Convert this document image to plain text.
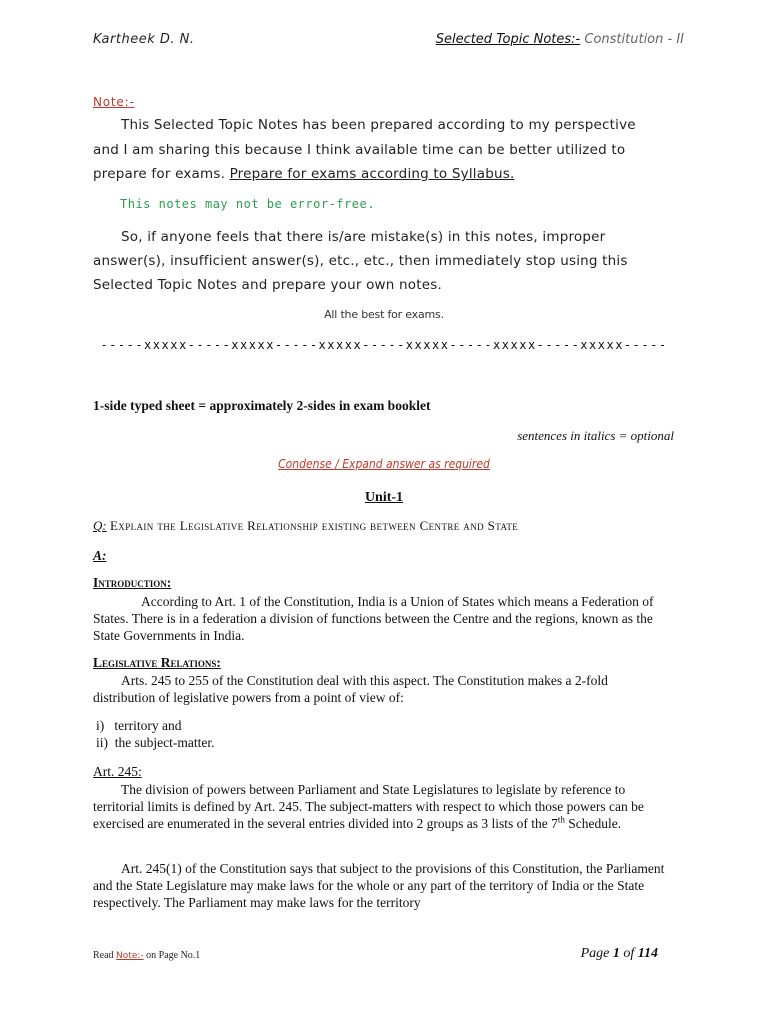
Kartheek D. N.	Selected Topic Notes:- Constitution - II
Note:-
This Selected Topic Notes has been prepared according to my perspective and I am sharing this because I think available time can be better utilized to prepare for exams. Prepare for exams according to Syllabus.
This notes may not be error-free.
So, if anyone feels that there is/are mistake(s) in this notes, improper answer(s), insufficient answer(s), etc., etc., then immediately stop using this Selected Topic Notes and prepare your own notes.
All the best for exams.
-----xxxxx-----xxxxx-----xxxxx-----xxxxx-----xxxxx-----xxxxx-----
1-side typed sheet = approximately 2-sides in exam booklet
sentences in italics = optional
Condense / Expand answer as required
Unit-1
Q: Explain the Legislative Relationship existing between Centre and State
A:
Introduction:
According to Art. 1 of the Constitution, India is a Union of States which means a Federation of States. There is in a federation a division of functions between the Centre and the regions, known as the State Governments in India.
Legislative Relations:
Arts. 245 to 255 of the Constitution deal with this aspect. The Constitution makes a 2-fold distribution of legislative powers from a point of view of:
i) territory and
ii) the subject-matter.
Art. 245:
The division of powers between Parliament and State Legislatures to legislate by reference to territorial limits is defined by Art. 245. The subject-matters with respect to which those powers can be exercised are enumerated in the several entries divided into 2 groups as 3 lists of the 7th Schedule.
Art. 245(1) of the Constitution says that subject to the provisions of this Constitution, the Parliament and the State Legislature may make laws for the whole or any part of the territory of India or the State respectively. The Parliament may make laws for the territory
Read Note:- on Page No.1	Page 1 of 114
